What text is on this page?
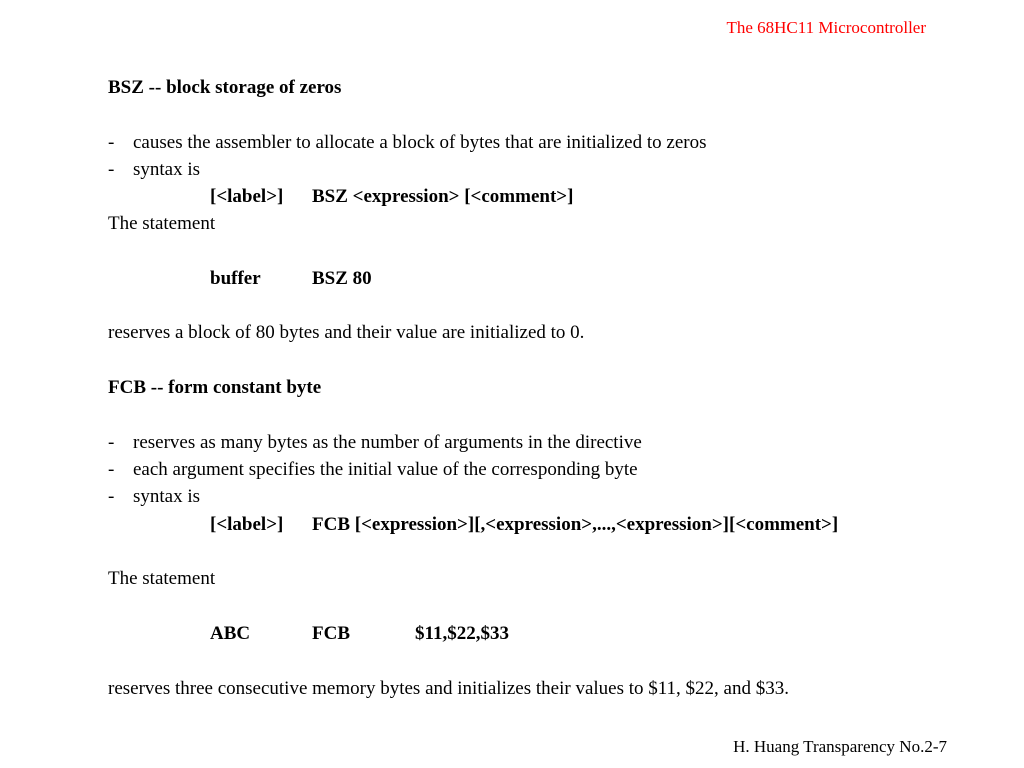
The 68HC11 Microcontroller
BSZ -- block storage of zeros
- causes the assembler to allocate a block of bytes that are initialized to zeros
- syntax is
[<label>] BSZ <expression> [<comment>]
The statement
buffer	BSZ 80
reserves a block of 80 bytes and their value are initialized to 0.
FCB -- form constant byte
- reserves as many bytes as the number of arguments in the directive
- each argument specifies the initial value of the corresponding byte
- syntax is
[<label>] FCB [<expression>][,<expression>,...,<expression>][<comment>]
The statement
ABC	FCB	$11,$22,$33
reserves three consecutive memory bytes and initializes their values to $11, $22, and $33.
H. Huang Transparency No.2-7
